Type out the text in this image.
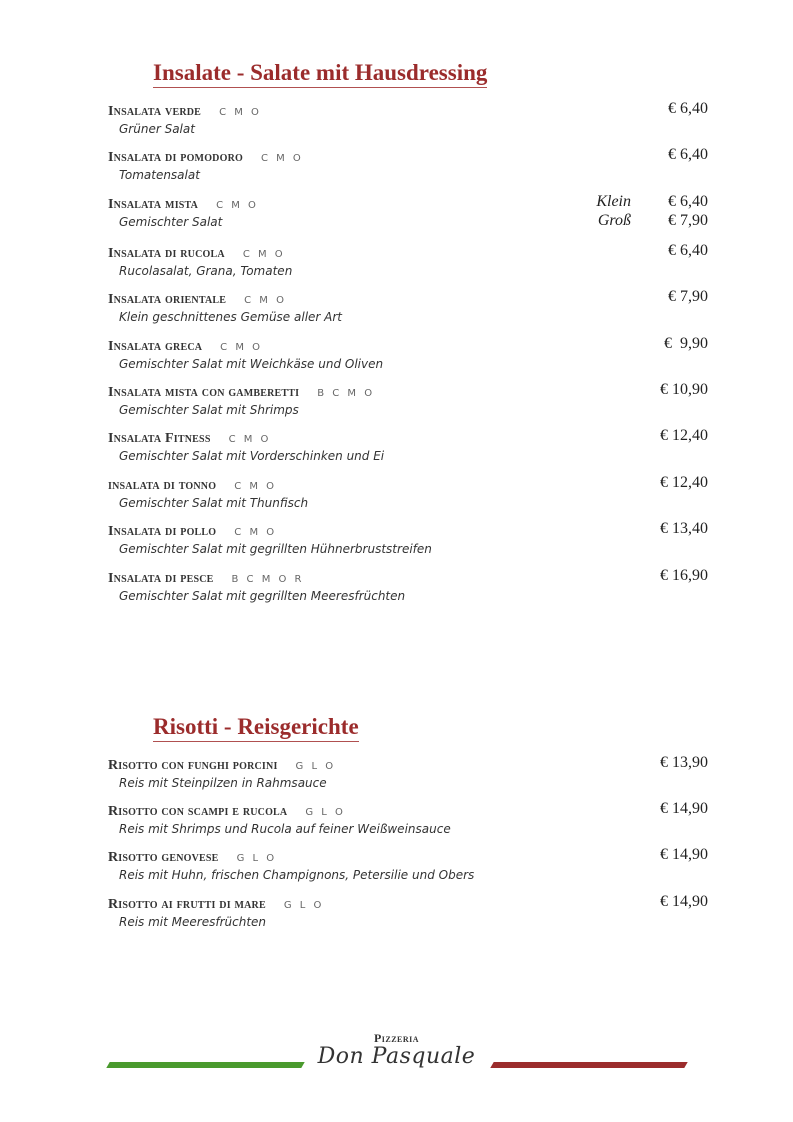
Insalate - Salate mit Hausdressing
Insalata verde C M O
Grüner Salat
€ 6,40
Insalata di pomodoro C M O
Tomatensalat
€ 6,40
Insalata mista C M O
Gemischter Salat
Klein € 6,40
Groß € 7,90
Insalata di rucola C M O
Rucolasalat, Grana, Tomaten
€ 6,40
Insalata orientale C M O
Klein geschnittenes Gemüse aller Art
€ 7,90
Insalata greca C M O
Gemischter Salat mit Weichkäse und Oliven
€  9,90
Insalata mista con gamberetti B C M O
Gemischter Salat mit Shrimps
€ 10,90
Insalata Fitness C M O
Gemischter Salat mit Vorderschinken und Ei
€ 12,40
insalata di tonno C M O
Gemischter Salat mit Thunfisch
€ 12,40
Insalata di pollo C M O
Gemischter Salat mit gegrillten Hühnerbruststreifen
€ 13,40
Insalata di pesce B C M O R
Gemischter Salat mit gegrillten Meeresfrüchten
€ 16,90
Risotti - Reisgerichte
Risotto con funghi porcini G L O
Reis mit Steinpilzen in Rahmsauce
€ 13,90
Risotto con scampi e rucola G L O
Reis mit Shrimps und Rucola auf feiner Weißweinsauce
€ 14,90
Risotto genovese G L O
Reis mit Huhn, frischen Champignons, Petersilie und Obers
€ 14,90
Risotto ai frutti di mare G L O
Reis mit Meeresfrüchten
€ 14,90
Pizzeria
Don Pasquale
